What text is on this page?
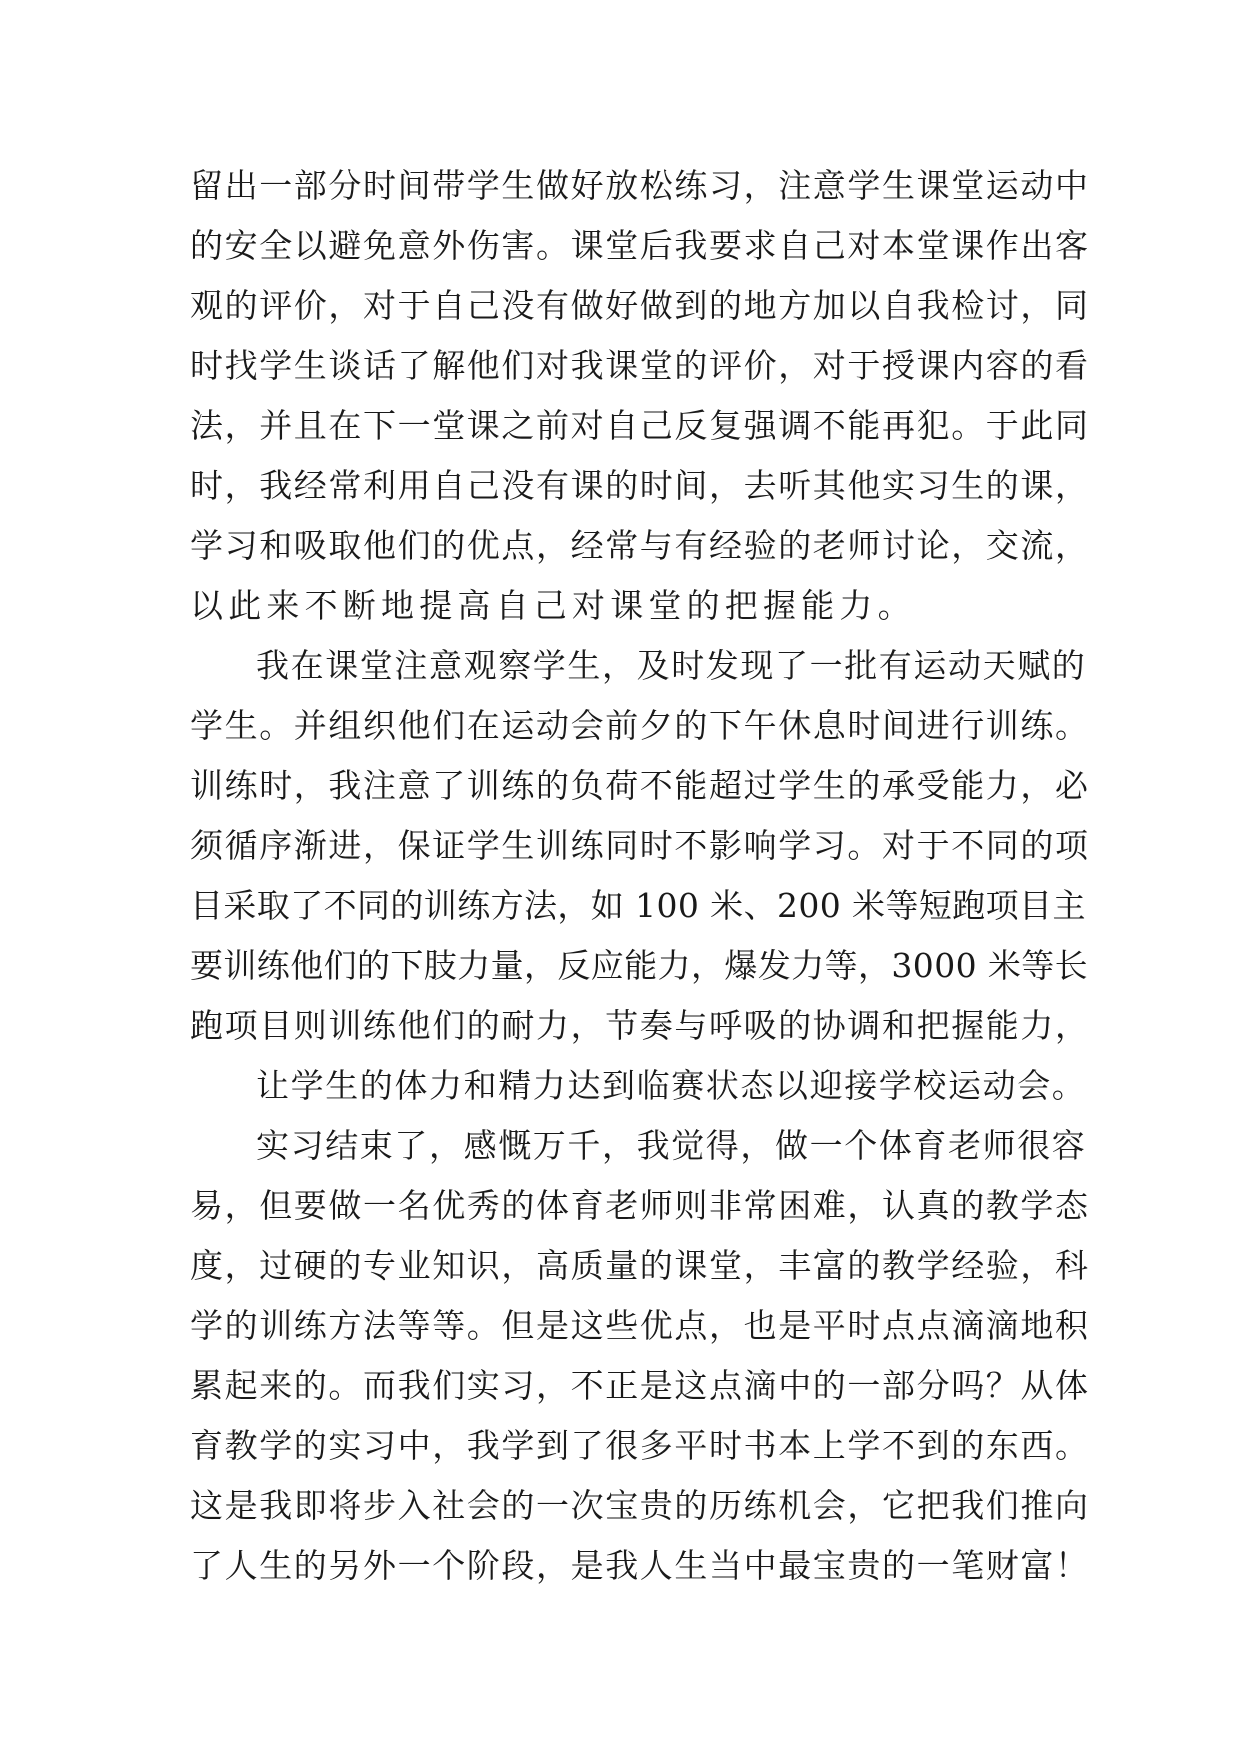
留出一部分时间带学生做好放松练习，注意学生课堂运动中
的安全以避免意外伤害。课堂后我要求自己对本堂课作出客
观的评价，对于自己没有做好做到的地方加以自我检讨，同
时找学生谈话了解他们对我课堂的评价，对于授课内容的看
法，并且在下一堂课之前对自己反复强调不能再犯。于此同
时，我经常利用自己没有课的时间，去听其他实习生的课，
学习和吸取他们的优点，经常与有经验的老师讨论，交流，
以此来不断地提高自己对课堂的把握能力。
我在课堂注意观察学生，及时发现了一批有运动天赋的
学生。并组织他们在运动会前夕的下午休息时间进行训练。
训练时，我注意了训练的负荷不能超过学生的承受能力，必
须循序渐进，保证学生训练同时不影响学习。对于不同的项
目采取了不同的训练方法，如 100 米、200 米等短跑项目主
要训练他们的下肢力量，反应能力，爆发力等，3000 米等长
跑项目则训练他们的耐力，节奏与呼吸的协调和把握能力，
让学生的体力和精力达到临赛状态以迎接学校运动会。
实习结束了，感慨万千，我觉得，做一个体育老师很容
易，但要做一名优秀的体育老师则非常困难，认真的教学态
度，过硬的专业知识，高质量的课堂，丰富的教学经验，科
学的训练方法等等。但是这些优点，也是平时点点滴滴地积
累起来的。而我们实习，不正是这点滴中的一部分吗？从体
育教学的实习中，我学到了很多平时书本上学不到的东西。
这是我即将步入社会的一次宝贵的历练机会，它把我们推向
了人生的另外一个阶段，是我人生当中最宝贵的一笔财富！
